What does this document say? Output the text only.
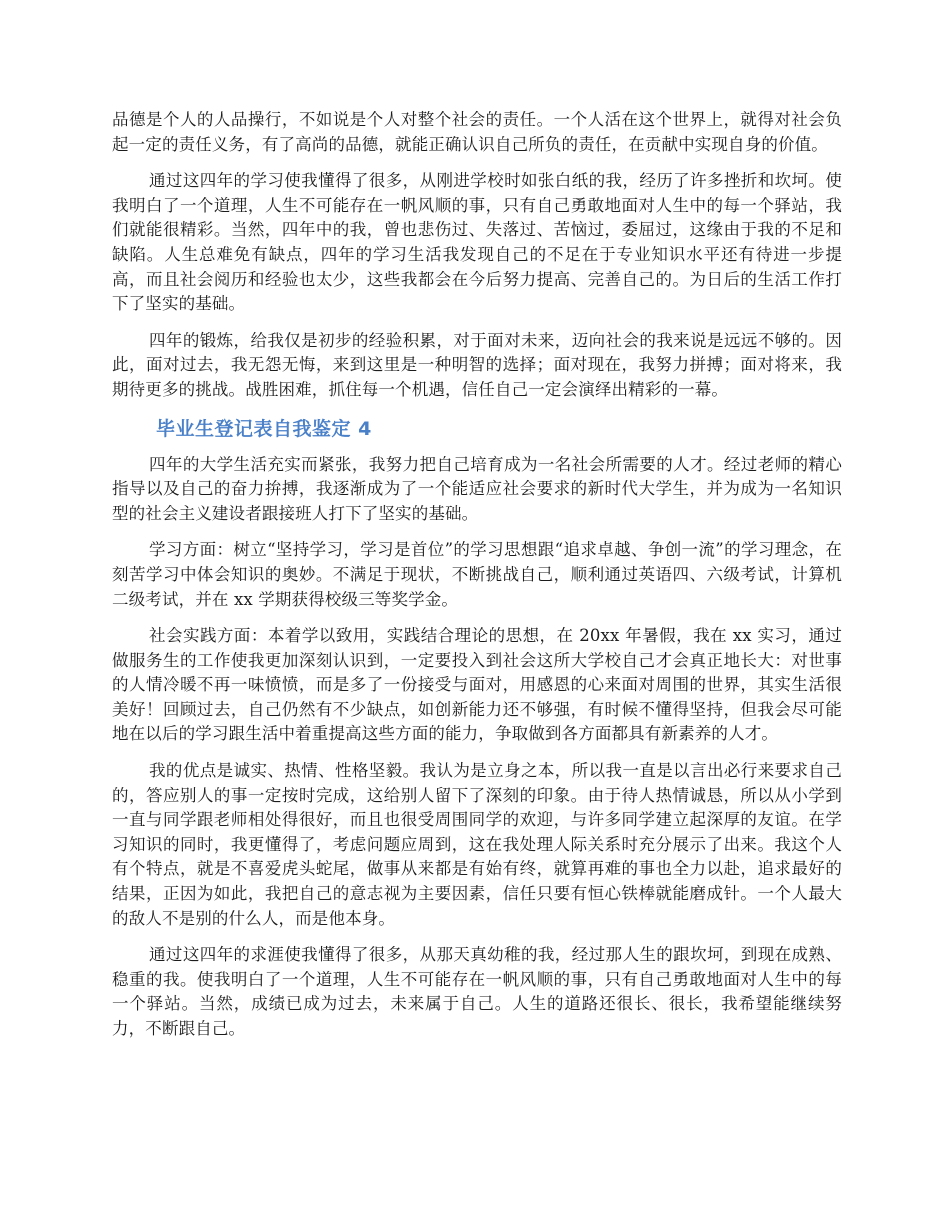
品德是个人的人品操行，不如说是个人对整个社会的责任。一个人活在这个世界上，就得对社会负起一定的责任义务，有了高尚的品德，就能正确认识自己所负的责任，在贡献中实现自身的价值。

通过这四年的学习使我懂得了很多，从刚进学校时如张白纸的我，经历了许多挫折和坎坷。使我明白了一个道理，人生不可能存在一帆风顺的事，只有自己勇敢地面对人生中的每一个驿站，我们就能很精彩。当然，四年中的我，曾也悲伤过、失落过、苦恼过，委屈过，这缘由于我的不足和缺陷。人生总难免有缺点，四年的学习生活我发现自己的不足在于专业知识水平还有待进一步提高，而且社会阅历和经验也太少，这些我都会在今后努力提高、完善自己的。为日后的生活工作打下了坚实的基础。

四年的锻炼，给我仅是初步的经验积累，对于面对未来，迈向社会的我来说是远远不够的。因此，面对过去，我无怨无悔，来到这里是一种明智的选择；面对现在，我努力拼搏；面对将来，我期待更多的挑战。战胜困难，抓住每一个机遇，信任自己一定会演绎出精彩的一幕。

毕业生登记表自我鉴定 4

四年的大学生活充实而紧张，我努力把自己培育成为一名社会所需要的人才。经过老师的精心指导以及自己的奋力拚搏，我逐渐成为了一个能适应社会要求的新时代大学生，并为成为一名知识型的社会主义建设者跟接班人打下了坚实的基础。

学习方面：树立“坚持学习，学习是首位”的学习思想跟“追求卓越、争创一流”的学习理念，在刻苦学习中体会知识的奥妙。不满足于现状，不断挑战自己，顺利通过英语四、六级考试，计算机二级考试，并在 xx 学期获得校级三等奖学金。

社会实践方面：本着学以致用，实践结合理论的思想，在 20xx 年暑假，我在 xx 实习，通过做服务生的工作使我更加深刻认识到，一定要投入到社会这所大学校自己才会真正地长大：对世事的人情冷暖不再一味愤愤，而是多了一份接受与面对，用感恩的心来面对周围的世界，其实生活很美好！回顾过去，自己仍然有不少缺点，如创新能力还不够强，有时候不懂得坚持，但我会尽可能地在以后的学习跟生活中着重提高这些方面的能力，争取做到各方面都具有新素养的人才。

我的优点是诚实、热情、性格坚毅。我认为是立身之本，所以我一直是以言出必行来要求自己的，答应别人的事一定按时完成，这给别人留下了深刻的印象。由于待人热情诚恳，所以从小学到一直与同学跟老师相处得很好，而且也很受周围同学的欢迎，与许多同学建立起深厚的友谊。在学习知识的同时，我更懂得了，考虑问题应周到，这在我处理人际关系时充分展示了出来。我这个人有个特点，就是不喜爱虎头蛇尾，做事从来都是有始有终，就算再难的事也全力以赴，追求最好的结果，正因为如此，我把自己的意志视为主要因素，信任只要有恒心铁棒就能磨成针。一个人最大的敌人不是别的什么人，而是他本身。

通过这四年的求涯使我懂得了很多，从那天真幼稚的我，经过那人生的跟坎坷，到现在成熟、稳重的我。使我明白了一个道理，人生不可能存在一帆风顺的事，只有自己勇敢地面对人生中的每一个驿站。当然，成绩已成为过去，未来属于自己。人生的道路还很长、很长，我希望能继续努力，不断跟自己。
